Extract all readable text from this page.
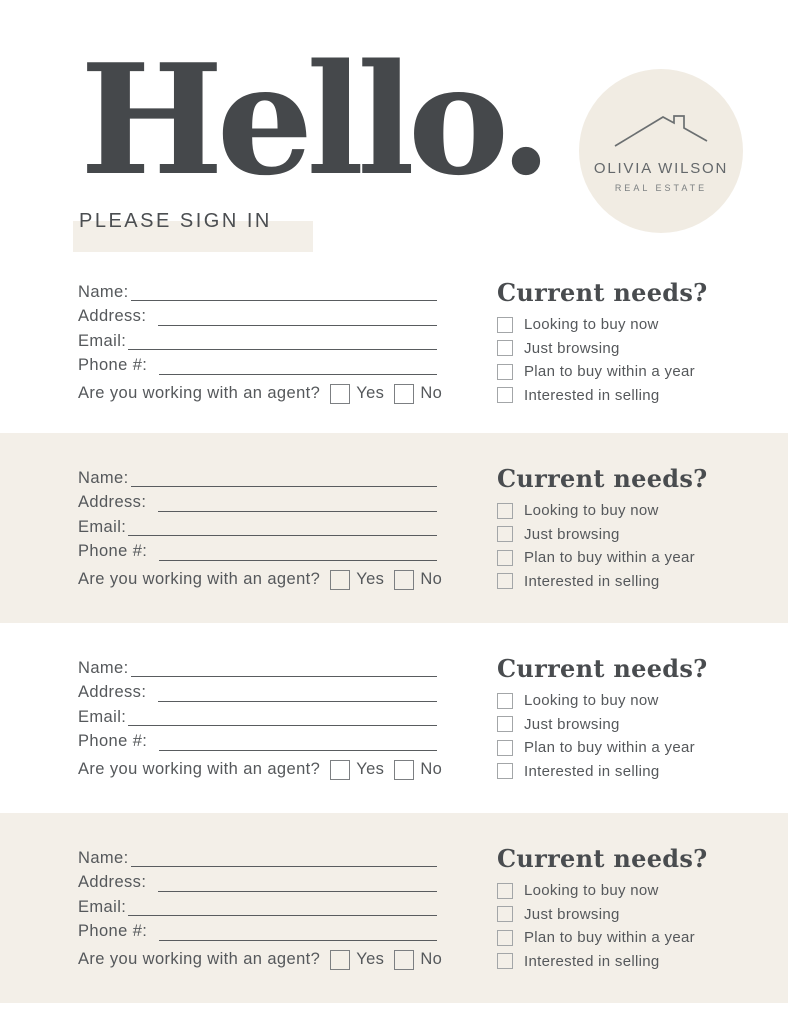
Hello.
PLEASE SIGN IN
OLIVIA WILSON
REAL ESTATE
Name:
Address:
Email:
Phone #:
Are you working with an agent? Yes No
Current needs?
Looking to buy now
Just browsing
Plan to buy within a year
Interested in selling
Name:
Address:
Email:
Phone #:
Are you working with an agent? Yes No
Current needs?
Looking to buy now
Just browsing
Plan to buy within a year
Interested in selling
Name:
Address:
Email:
Phone #:
Are you working with an agent? Yes No
Current needs?
Looking to buy now
Just browsing
Plan to buy within a year
Interested in selling
Name:
Address:
Email:
Phone #:
Are you working with an agent? Yes No
Current needs?
Looking to buy now
Just browsing
Plan to buy within a year
Interested in selling
